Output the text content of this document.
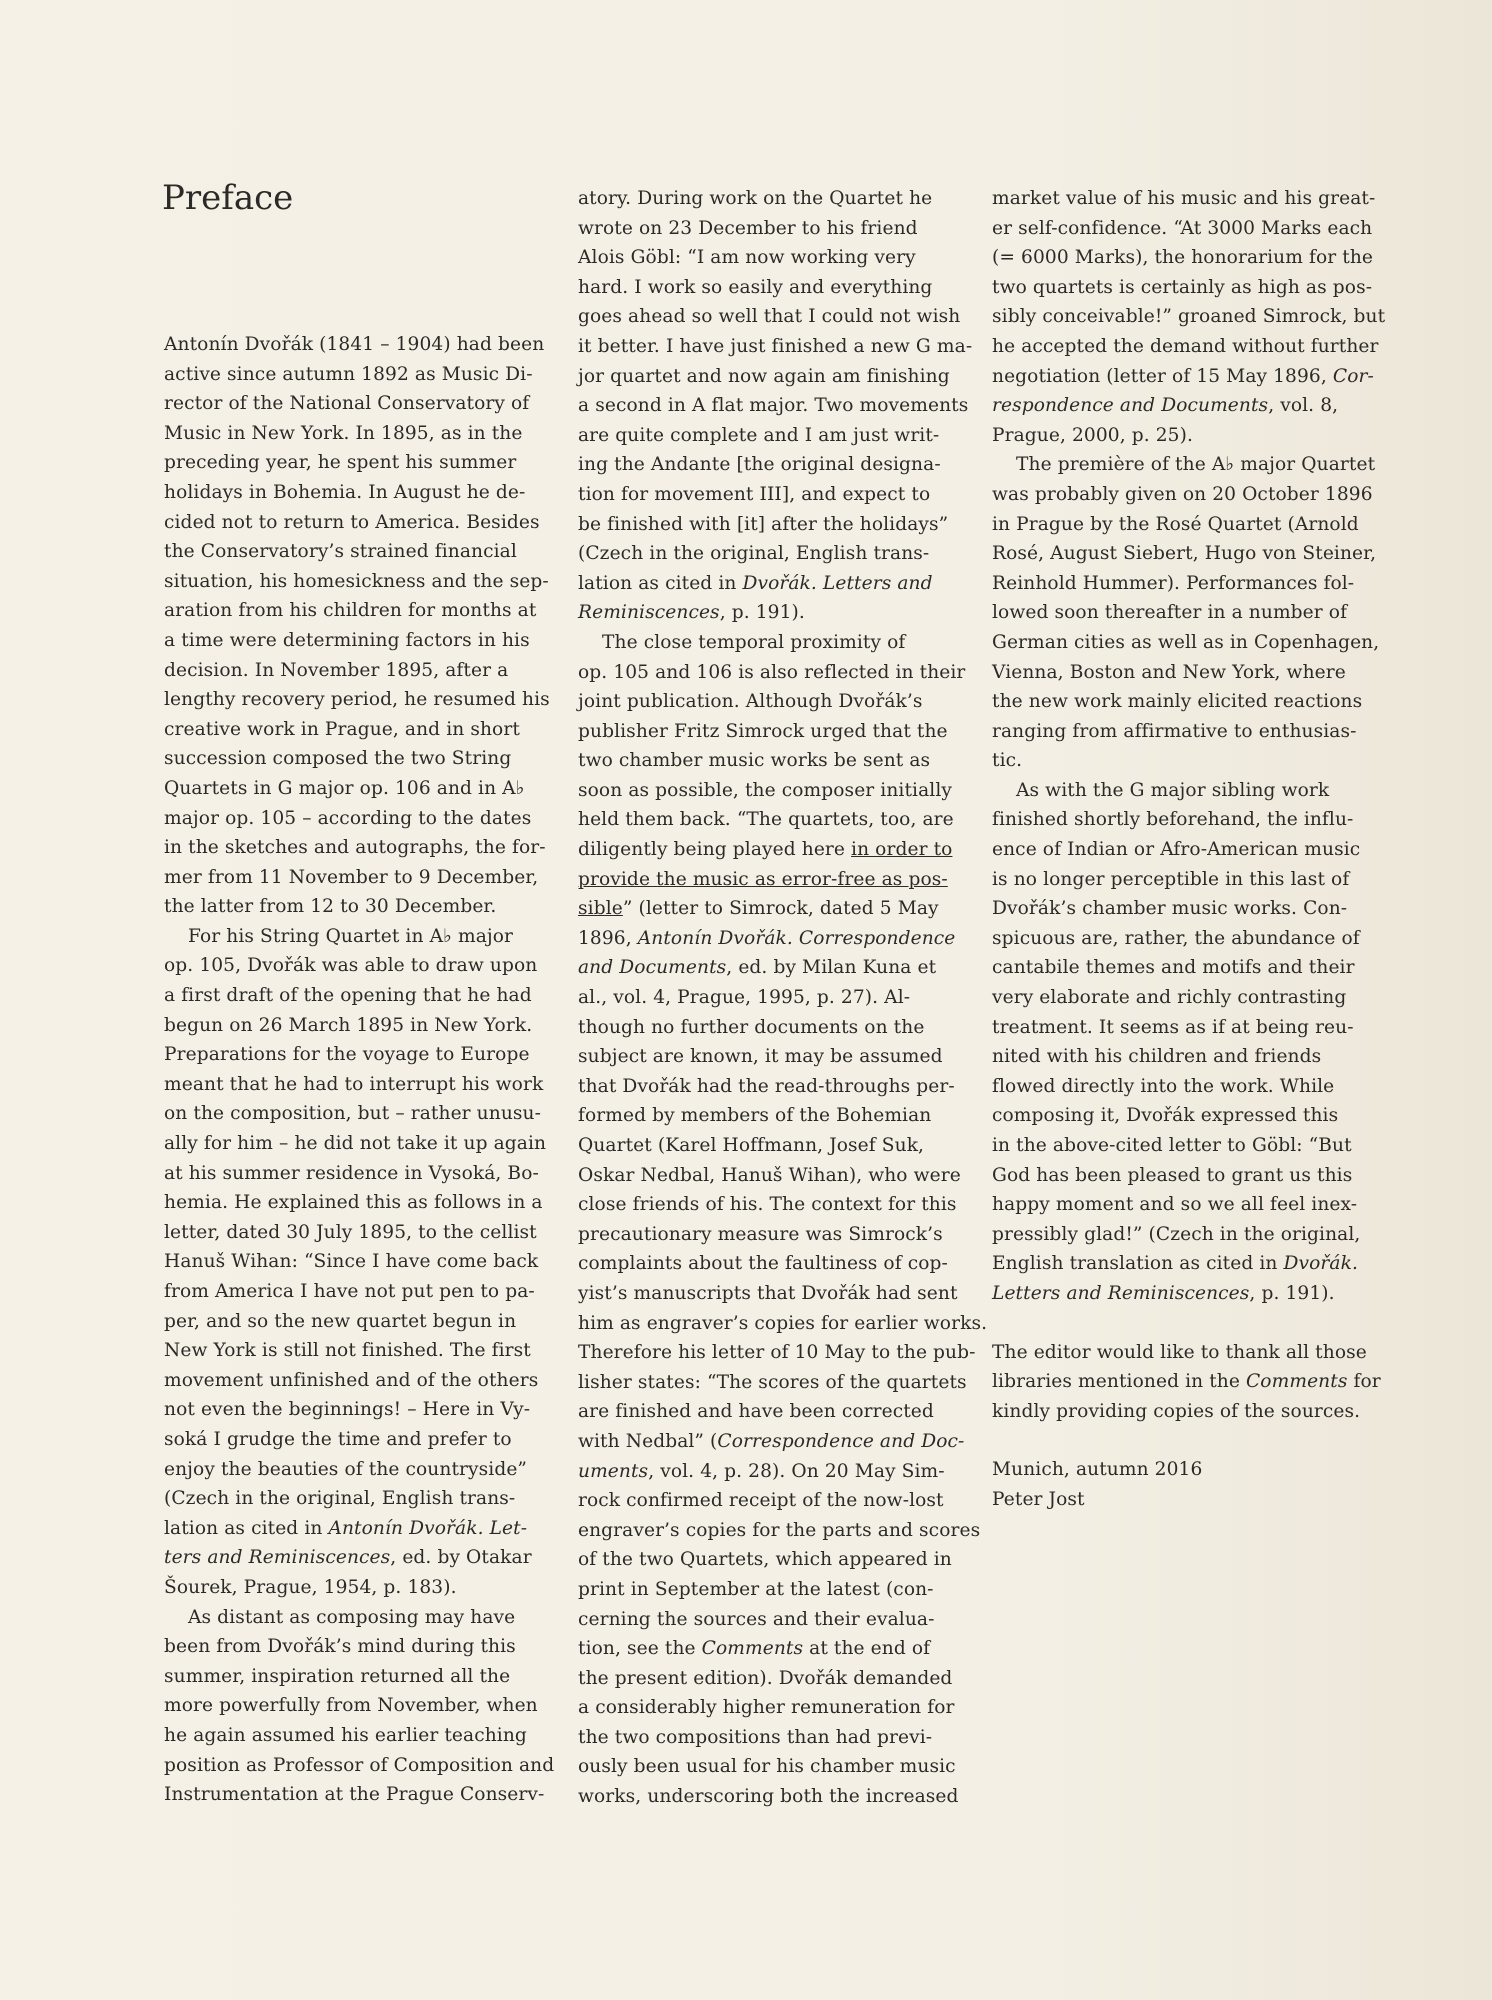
Preface
Antonín Dvořák (1841 – 1904) had been
active since autumn 1892 as Music Di-
rector of the National Conservatory of
Music in New York. In 1895, as in the
preceding year, he spent his summer
holidays in Bohemia. In August he de-
cided not to return to America. Besides
the Conservatory’s strained financial
situation, his homesickness and the sep-
aration from his children for months at
a time were determining factors in his
decision. In November 1895, after a
lengthy recovery period, he resumed his
creative work in Prague, and in short
succession composed the two String
Quartets in G major op. 106 and in A♭
major op. 105 – according to the dates
in the sketches and autographs, the for-
mer from 11 November to 9 December,
the latter from 12 to 30 December.
For his String Quartet in A♭ major
op. 105, Dvořák was able to draw upon
a first draft of the opening that he had
begun on 26 March 1895 in New York.
Preparations for the voyage to Europe
meant that he had to interrupt his work
on the composition, but – rather unusu-
ally for him – he did not take it up again
at his summer residence in Vysoká, Bo-
hemia. He explained this as follows in a
letter, dated 30 July 1895, to the cellist
Hanuš Wihan: “Since I have come back
from America I have not put pen to pa-
per, and so the new quartet begun in
New York is still not finished. The first
movement unfinished and of the others
not even the beginnings! – Here in Vy-
soká I grudge the time and prefer to
enjoy the beauties of the countryside”
(Czech in the original, English trans-
lation as cited in Antonín Dvořák. Let-
ters and Reminiscences, ed. by Otakar
Šourek, Prague, 1954, p. 183).
As distant as composing may have
been from Dvořák’s mind during this
summer, inspiration returned all the
more powerfully from November, when
he again assumed his earlier teaching
position as Professor of Composition and
Instrumentation at the Prague Conserv-
atory. During work on the Quartet he
wrote on 23 December to his friend
Alois Göbl: “I am now working very
hard. I work so easily and everything
goes ahead so well that I could not wish
it better. I have just finished a new G ma-
jor quartet and now again am finishing
a second in A flat major. Two movements
are quite complete and I am just writ-
ing the Andante [the original designa-
tion for movement III], and expect to
be finished with [it] after the holidays”
(Czech in the original, English trans-
lation as cited in Dvořák. Letters and
Reminiscences, p. 191).
The close temporal proximity of
op. 105 and 106 is also reflected in their
joint publication. Although Dvořák’s
publisher Fritz Simrock urged that the
two chamber music works be sent as
soon as possible, the composer initially
held them back. “The quartets, too, are
diligently being played here in order to
provide the music as error-free as pos-
sible” (letter to Simrock, dated 5 May
1896, Antonín Dvořák. Correspondence
and Documents, ed. by Milan Kuna et
al., vol. 4, Prague, 1995, p. 27). Al-
though no further documents on the
subject are known, it may be assumed
that Dvořák had the read-throughs per-
formed by members of the Bohemian
Quartet (Karel Hoffmann, Josef Suk,
Oskar Nedbal, Hanuš Wihan), who were
close friends of his. The context for this
precautionary measure was Simrock’s
complaints about the faultiness of cop-
yist’s manuscripts that Dvořák had sent
him as engraver’s copies for earlier works.
Therefore his letter of 10 May to the pub-
lisher states: “The scores of the quartets
are finished and have been corrected
with Nedbal” (Correspondence and Doc-
uments, vol. 4, p. 28). On 20 May Sim-
rock confirmed receipt of the now-lost
engraver’s copies for the parts and scores
of the two Quartets, which appeared in
print in September at the latest (con-
cerning the sources and their evalua-
tion, see the Comments at the end of
the present edition). Dvořák demanded
a considerably higher remuneration for
the two compositions than had previ-
ously been usual for his chamber music
works, underscoring both the increased
market value of his music and his great-
er self-confidence. “At 3000 Marks each
(= 6000 Marks), the honorarium for the
two quartets is certainly as high as pos-
sibly conceivable!” groaned Simrock, but
he accepted the demand without further
negotiation (letter of 15 May 1896, Cor-
respondence and Documents, vol. 8,
Prague, 2000, p. 25).
The première of the A♭ major Quartet
was probably given on 20 October 1896
in Prague by the Rosé Quartet (Arnold
Rosé, August Siebert, Hugo von Steiner,
Reinhold Hummer). Performances fol-
lowed soon thereafter in a number of
German cities as well as in Copenhagen,
Vienna, Boston and New York, where
the new work mainly elicited reactions
ranging from affirmative to enthusias-
tic.
As with the G major sibling work
finished shortly beforehand, the influ-
ence of Indian or Afro-American music
is no longer perceptible in this last of
Dvořák’s chamber music works. Con-
spicuous are, rather, the abundance of
cantabile themes and motifs and their
very elaborate and richly contrasting
treatment. It seems as if at being reu-
nited with his children and friends
flowed directly into the work. While
composing it, Dvořák expressed this
in the above-cited letter to Göbl: “But
God has been pleased to grant us this
happy moment and so we all feel inex-
pressibly glad!” (Czech in the original,
English translation as cited in Dvořák.
Letters and Reminiscences, p. 191).
The editor would like to thank all those
libraries mentioned in the Comments for
kindly providing copies of the sources.
Munich, autumn 2016
Peter Jost
